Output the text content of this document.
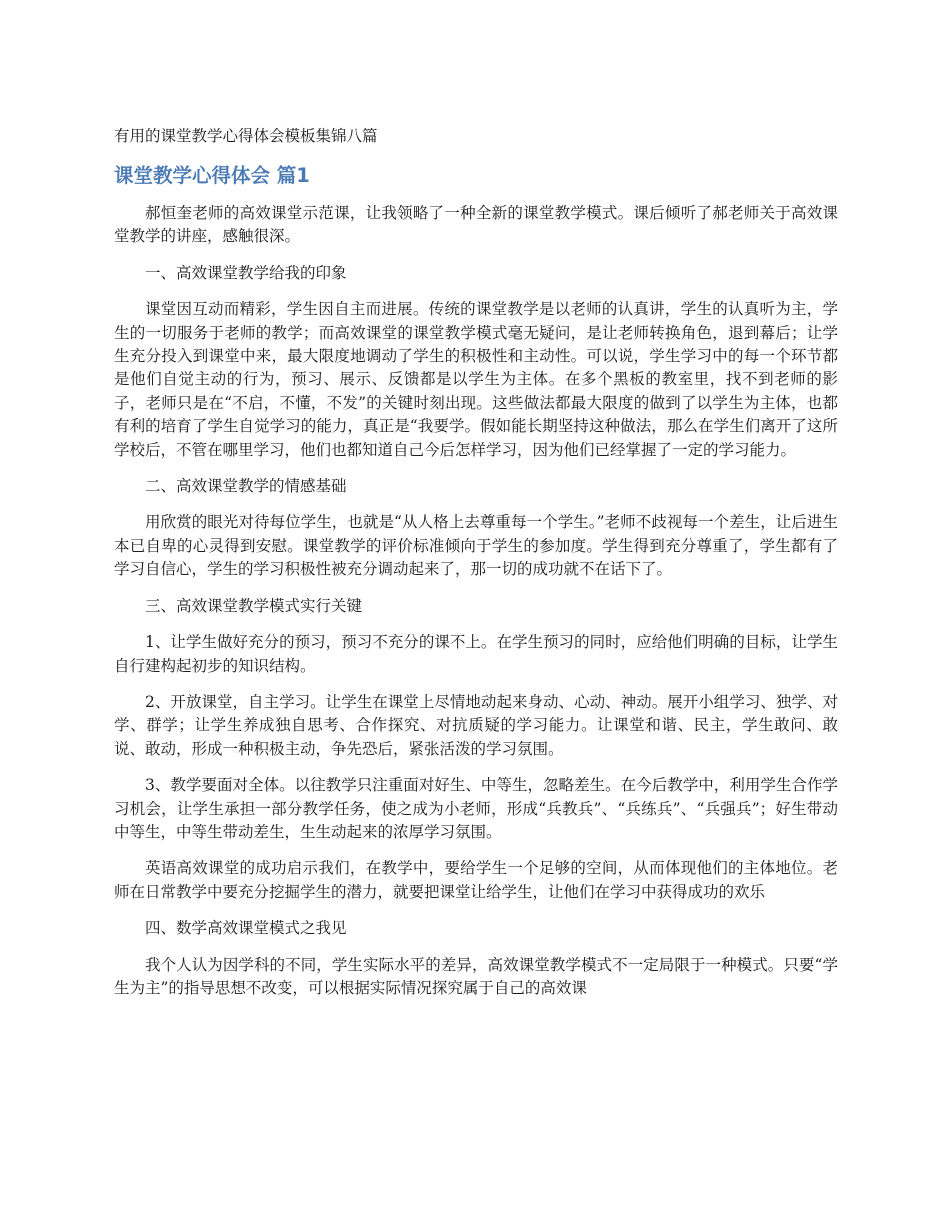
有用的课堂教学心得体会模板集锦八篇
课堂教学心得体会 篇1

郝恒奎老师的高效课堂示范课，让我领略了一种全新的课堂教学模式。课后倾听了郝老师关于高效课堂教学的讲座，感触很深。

一、高效课堂教学给我的印象

课堂因互动而精彩，学生因自主而进展。传统的课堂教学是以老师的认真讲，学生的认真听为主，学生的一切服务于老师的教学；而高效课堂的课堂教学模式毫无疑问，是让老师转换角色，退到幕后；让学生充分投入到课堂中来，最大限度地调动了学生的积极性和主动性。可以说，学生学习中的每一个环节都是他们自觉主动的行为，预习、展示、反馈都是以学生为主体。在多个黑板的教室里，找不到老师的影子，老师只是在“不启，不懂，不发”的关键时刻出现。这些做法都最大限度的做到了以学生为主体，也都有利的培育了学生自觉学习的能力，真正是“我要学。假如能长期坚持这种做法，那么在学生们离开了这所学校后，不管在哪里学习，他们也都知道自己今后怎样学习，因为他们已经掌握了一定的学习能力。

二、高效课堂教学的情感基础

用欣赏的眼光对待每位学生，也就是“从人格上去尊重每一个学生。”老师不歧视每一个差生，让后进生本已自卑的心灵得到安慰。课堂教学的评价标准倾向于学生的参加度。学生得到充分尊重了，学生都有了学习自信心，学生的学习积极性被充分调动起来了，那一切的成功就不在话下了。

三、高效课堂教学模式实行关键

1、让学生做好充分的预习，预习不充分的课不上。在学生预习的同时，应给他们明确的目标，让学生自行建构起初步的知识结构。

2、开放课堂，自主学习。让学生在课堂上尽情地动起来身动、心动、神动。展开小组学习、独学、对学、群学；让学生养成独自思考、合作探究、对抗质疑的学习能力。让课堂和谐、民主，学生敢问、敢说、敢动，形成一种积极主动，争先恐后，紧张活泼的学习氛围。

3、教学要面对全体。以往教学只注重面对好生、中等生，忽略差生。在今后教学中，利用学生合作学习机会，让学生承担一部分教学任务，使之成为小老师，形成“兵教兵”、“兵练兵”、“兵强兵”；好生带动中等生，中等生带动差生，生生动起来的浓厚学习氛围。

英语高效课堂的成功启示我们，在教学中，要给学生一个足够的空间，从而体现他们的主体地位。老师在日常教学中要充分挖掘学生的潜力，就要把课堂让给学生，让他们在学习中获得成功的欢乐

四、数学高效课堂模式之我见

我个人认为因学科的不同，学生实际水平的差异，高效课堂教学模式不一定局限于一种模式。只要“学生为主”的指导思想不改变，可以根据实际情况探究属于自己的高效课
